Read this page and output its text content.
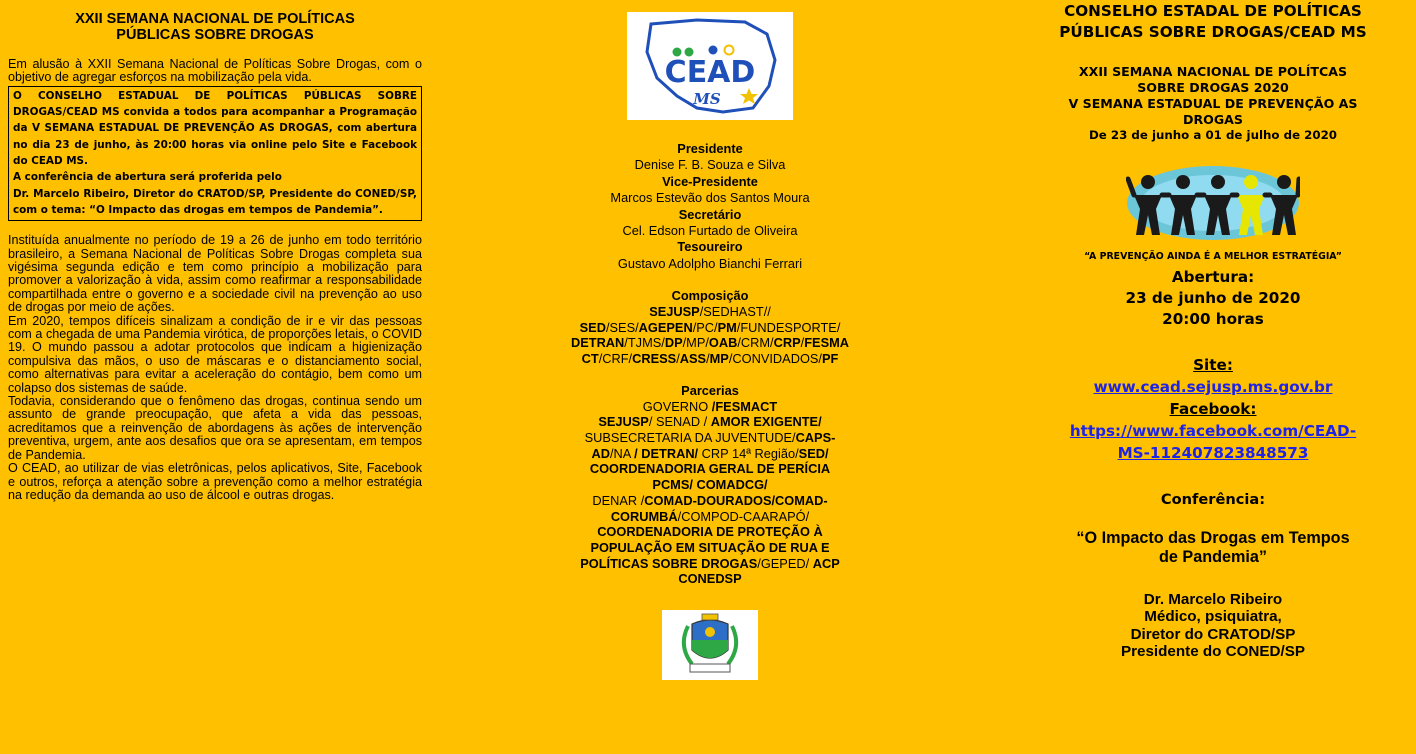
XXII SEMANA NACIONAL DE POLÍTICAS
PÚBLICAS SOBRE DROGAS

Em alusão à XXII Semana Nacional de Políticas Sobre Drogas, com o objetivo de agregar esforços na mobilização pela vida.

O CONSELHO ESTADUAL DE POLÍTICAS PÚBLICAS SOBRE DROGAS/CEAD MS convida a todos para acompanhar a Programação da V SEMANA ESTADUAL DE PREVENÇÃO AS DROGAS, com abertura no dia 23 de junho, às 20:00 horas via online pelo Site e Facebook do CEAD MS.

A conferência de abertura será proferida pelo

Dr. Marcelo Ribeiro, Diretor do CRATOD/SP, Presidente do CONED/SP, com o tema: “O Impacto das drogas em tempos de Pandemia”.

Instituída anualmente no período de 19 a 26 de junho em todo território brasileiro, a Semana Nacional de Políticas Sobre Drogas completa sua vigésima segunda edição e tem como princípio a mobilização para promover a valorização à vida, assim como reafirmar a responsabilidade compartilhada entre o governo e a sociedade civil na prevenção ao uso de drogas por meio de ações.

Em 2020, tempos difíceis sinalizam a condição de ir e vir das pessoas com a chegada de uma Pandemia virótica, de proporções letais, o COVID 19. O mundo passou a adotar protocolos que indicam a higienização compulsiva das mãos, o uso de máscaras e o distanciamento social, como alternativas para evitar a aceleração do contágio, bem como um colapso dos sistemas de saúde.

Todavia, considerando que o fenômeno das drogas, continua sendo um assunto de grande preocupação, que afeta a vida das pessoas, acreditamos que a reinvenção de abordagens às ações de intervenção preventiva, urgem, ante aos desafios que ora se apresentam, em tempos de Pandemia.

O CEAD, ao utilizar de vias eletrônicas, pelos aplicativos, Site, Facebook e outros, reforça a atenção sobre a prevenção como a melhor estratégia na redução da demanda ao uso de álcool e outras drogas.

CEAD
MS
Presidente
Denise F. B. Souza e Silva
Vice-Presidente
Marcos Estevão dos Santos Moura
Secretário
Cel. Edson Furtado de Oliveira
Tesoureiro
Gustavo Adolpho Bianchi Ferrari
Composição
SEJUSP/SEDHAST//
SED/SES/AGEPEN/PC/PM/FUNDESPORTE/
DETRAN/TJMS/DP/MP/OAB/CRM/CRP/FESMA
CT/CRF/CRESS/ASS/MP/CONVIDADOS/PF
Parcerias
GOVERNO /FESMACT
SEJUSP/ SENAD / AMOR EXIGENTE/
SUBSECRETARIA DA JUVENTUDE/CAPS-
AD/NA / DETRAN/ CRP 14ª Região/SED/
COORDENADORIA GERAL DE PERÍCIA
PCMS/ COMADCG/
DENAR /COMAD-DOURADOS/COMAD-
CORUMBÁ/COMPOD-CAARAPÓ/
COORDENADORIA DE PROTEÇÃO À
POPULAÇÃO EM SITUAÇÃO DE RUA E
POLÍTICAS SOBRE DROGAS/GEPED/ ACP
CONEDSP
CONSELHO ESTADAL DE POLÍTICAS
PÚBLICAS SOBRE DROGAS/CEAD MS
XXII SEMANA NACIONAL DE POLÍTCAS
SOBRE DROGAS 2020
V SEMANA ESTADUAL DE PREVENÇÃO AS
DROGAS
De 23 de junho a 01 de julho de 2020
“A PREVENÇÃO AINDA É A MELHOR ESTRATÉGIA”
Abertura:
23 de junho de 2020
20:00 horas
Site:
www.cead.sejusp.ms.gov.br
Facebook:
https://www.facebook.com/CEAD-
MS-112407823848573
Conferência:
“O Impacto das Drogas em Tempos
de Pandemia”
Dr. Marcelo Ribeiro
Médico, psiquiatra,
Diretor do CRATOD/SP
Presidente do CONED/SP
